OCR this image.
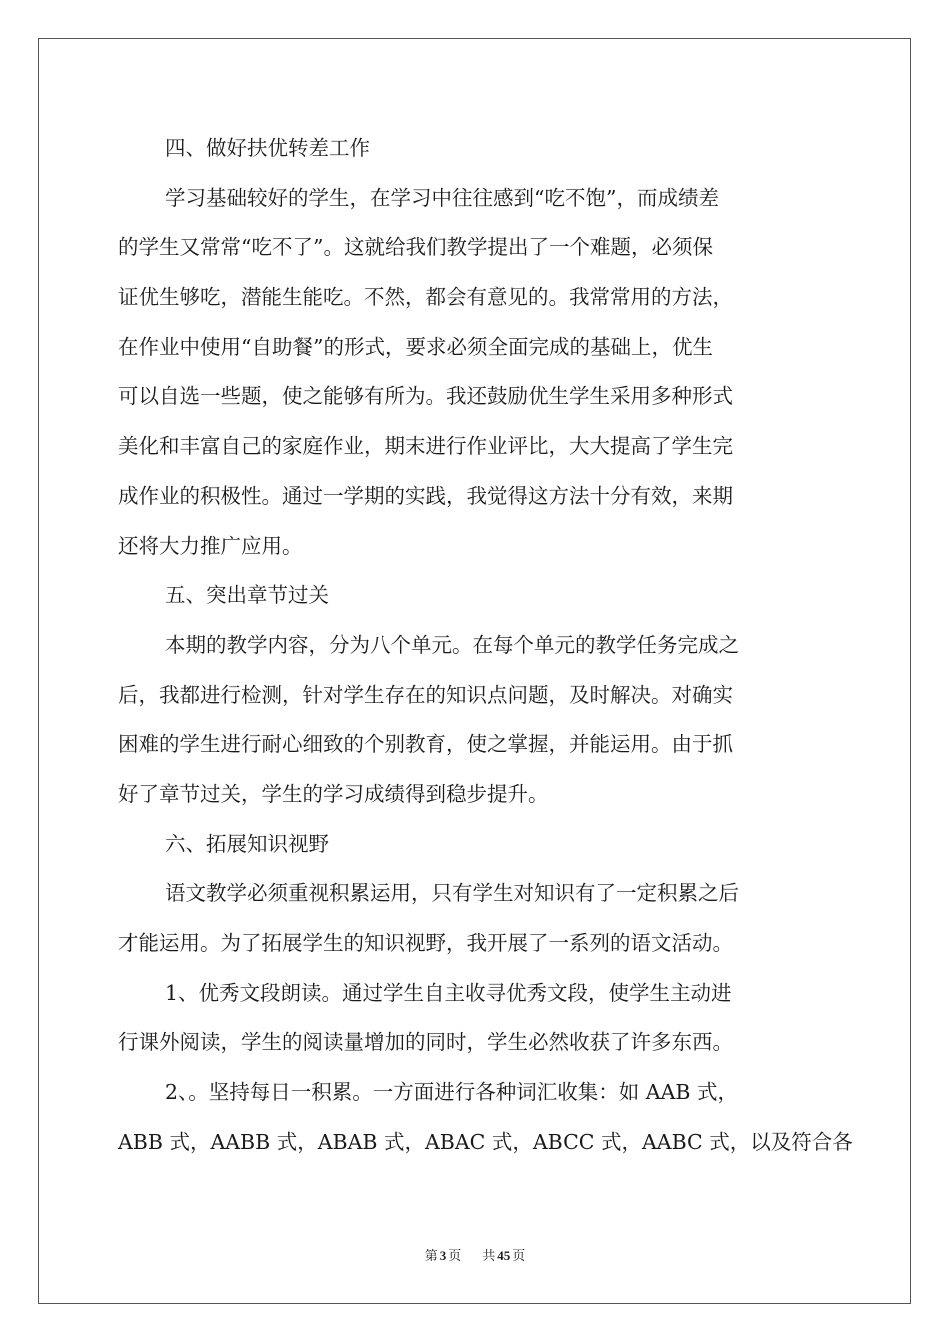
四、做好扶优转差工作
学习基础较好的学生，在学习中往往感到“吃不饱”，而成绩差
的学生又常常“吃不了”。这就给我们教学提出了一个难题，必须保
证优生够吃，潜能生能吃。不然，都会有意见的。我常常用的方法，
在作业中使用“自助餐”的形式，要求必须全面完成的基础上，优生
可以自选一些题，使之能够有所为。我还鼓励优生学生采用多种形式
美化和丰富自己的家庭作业，期末进行作业评比，大大提高了学生完
成作业的积极性。通过一学期的实践，我觉得这方法十分有效，来期
还将大力推广应用。
五、突出章节过关
本期的教学内容，分为八个单元。在每个单元的教学任务完成之
后，我都进行检测，针对学生存在的知识点问题，及时解决。对确实
困难的学生进行耐心细致的个别教育，使之掌握，并能运用。由于抓
好了章节过关，学生的学习成绩得到稳步提升。
六、拓展知识视野
语文教学必须重视积累运用，只有学生对知识有了一定积累之后
才能运用。为了拓展学生的知识视野，我开展了一系列的语文活动。
1、优秀文段朗读。通过学生自主收寻优秀文段，使学生主动进
行课外阅读，学生的阅读量增加的同时，学生必然收获了许多东西。
2、。坚持每日一积累。一方面进行各种词汇收集：如 AAB 式，
ABB 式，AABB 式，ABAB 式，ABAC 式，ABCC 式，AABC 式，以及符合各
第 3 页 共 45 页
